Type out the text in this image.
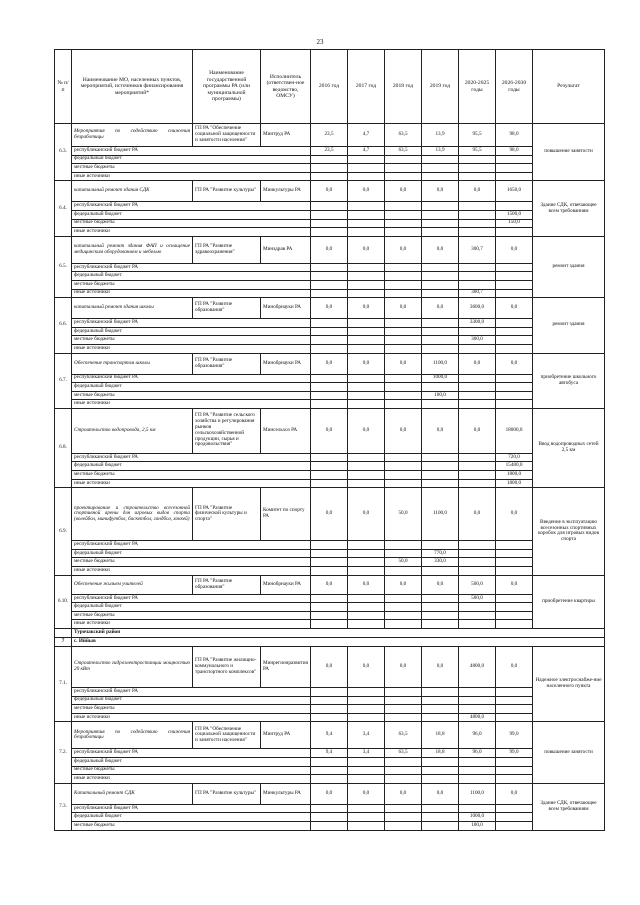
23
№ п/п	Наименование МО, населенных пунктов, мероприятий, источников финансирования мероприятий*	Наименование государственной программы РА (или муниципальной программы)	Исполнитель (ответствен-ное ведомство, ОМСУ)	2016 год	2017 год	2018 год	2019 год	2020-2025 годы	2026-2030 годы	Результат
6.3.	Мероприятия по содействию снижения безработицы	ГП РА "Обеспечение социальной защищенности и занятости населения"	Минтруд РА	23,5	4,7	63,5	13,9	95,5	98,0	повышение занятости
	республиканский бюджет РА			23,5	4,7	63,5	13,9	95,5	98,0	
	федеральный бюджет									
	местные бюджеты									
	иные источники									
6.4.	капитальный ремонт здания СДК	ГП РА "Развитие культуры"	Минкультуры РА	0,0	0,0	0,0	0,0	0,0	1650,0	Здание СДК, отвечающее всем требованиям
	республиканский бюджет РА									
	федеральный бюджет								1500,0	
	местные бюджеты								150,0	
	иные источники									
6.5.	капитальный ремонт здания ФАП и оснащение медицинским оборудованием и мебелью	ГП РА "Развитие здравоохранения"	Минздрав РА	0,0	0,0	0,0	0,0	300,7	0,0	ремонт здания
	республиканский бюджет РА									
	федеральный бюджет									
	местные бюджеты									
	иные источники							300,7		
6.6.	капитальный ремонт здания школы	ГП РА "Развитие образования"	Минобрнауки РА	0,0	0,0	0,0	0,0	3600,0	0,0	ремонт здания
	республиканский бюджет РА							3300,0		
	федеральный бюджет									
	местные бюджеты							300,0		
	иные источники									
6.7.	Обеспечение транспортом школы	ГП РА "Развитие образования"	Минобрнауки РА	0,0	0,0	0,0	1100,0	0,0	0,0	приобретение школьного автобуса
	республиканский бюджет РА						1000,0			
	федеральный бюджет									
	местные бюджеты						100,0			
	иные источники									
6.8.	Строительство водопровода, 2,5 км	ГП РА "Развитие сельского хозяйства и регулирования рынков сельскохозяйственной продукции, сырья и продовольствия"	Минсельхоз РА	0,0	0,0	0,0	0,0	0,0	18000,0	Ввод водопроводных сетей 2,5 км
	республиканский бюджет РА								720,0	
	федеральный бюджет								15480,0	
	местные бюджеты								1800,0	
	иные источники								1800,0	
6.9.	проектирование и строительство всесезонной спортивной арены для игровых видов спорта (волейбол, минифутбол, баскетбол, гандбол, хоккей)	ГП РА "Развитие физической культуры и спорта"	Комитет по спорту РА	0,0	0,0	50,0	1100,0	0,0	0,0	Введение в эксплуатацию всесезонных спортивных коробок для игровых видов спорта
	республиканский бюджет РА									
	федеральный бюджет						770,0			
	местные бюджеты					50,0	330,0			
	иные источники									
6.10.	Обеспечение жильем учителей	ГП РА "Развитие образования"	Минобрнауки РА	0,0	0,0	0,0	0,0	500,0	0,0	приобретение квартиры
	республиканский бюджет РА							500,0		
	федеральный бюджет									
	местные бюджеты									
	иные источники									
	Турочакский район									
7	с. Иййыв									
7.1.	Строительство гидроэлектростанции мощностью 20 кВт	ГП РА "Развитие жилищно-коммунального и транспортного комплексов"	Минрегионразвития РА	0,0	0,0	0,0	0,0	4800,0	0,0	Надежное электроснабже-ние населенного пункта
	республиканский бюджет РА									
	федеральный бюджет									
	местные бюджеты									
	иные источники							4800,0		
7.2.	Мероприятия по содействию снижения безработицы	ГП РА "Обеспечение социальной защищенности и занятости населения"	Минтруд РА	9,4	3,4	63,5	18,8	96,0	99,0	повышение занятости
	республиканский бюджет РА			9,4	3,4	63,5	18,8	96,0	99,0	
	федеральный бюджет									
	местные бюджеты									
	иные источники									
7.3.	Капитальный ремонт СДК	ГП РА "Развитие культуры"	Минкультуры РА	0,0	0,0	0,0	0,0	1100,0	0,0	Здание СДК, отвечающее всем требованиям
	республиканский бюджет РА									
	федеральный бюджет							1000,0		
	местные бюджеты							100,0		
